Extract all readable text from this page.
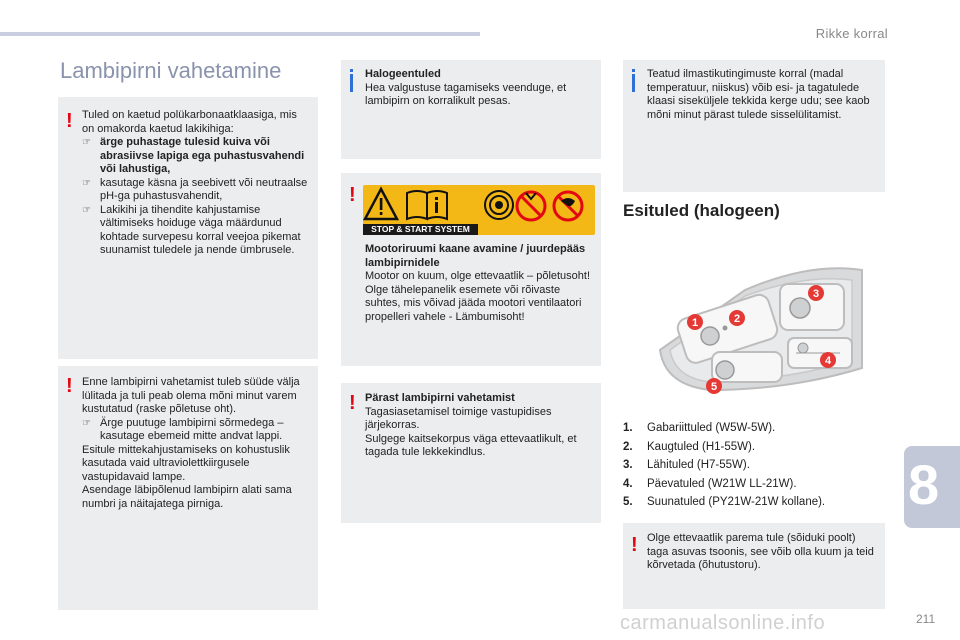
Rikke korral
Lambipirni vahetamine
! Tuled on kaetud polükarbonaatklaasiga, mis on omakorda kaetud lakikihiga:

☞ ärge puhastage tulesid kuiva või abrasiivse lapiga ega puhastusvahendi või lahustiga,

☞ kasutage käsna ja seebivett või neutraalse pH-ga puhastusvahendit,

☞ Lakikihi ja tihendite kahjustamise vältimiseks hoiduge väga määrdunud kohtade survepesu korral veejoa pikemat suunamist tuledele ja nende ümbrusele.

! Enne lambipirni vahetamist tuleb süüde välja lülitada ja tuli peab olema mõni minut varem kustutatud (raske põletuse oht).

☞ Ärge puutuge lambipirni sõrmedega – kasutage ebemeid mitte andvat lappi.

Esitule mittekahjustamiseks on kohustuslik kasutada vaid ultraviolettkiirgusele vastupidavaid lampe.

Asendage läbipõlenud lambipirn alati sama numbri ja näitajatega pirniga.

Halogeentuled

Hea valgustuse tagamiseks veenduge, et lambipirn on korralikult pesas.

!

Mootoriruumi kaane avamine / juurdepääs lambipirnidele

Mootor on kuum, olge ettevaatlik – põletusoht! Olge tähelepanelik esemete või rõivaste suhtes, mis võivad jääda mootori ventilaatori propelleri vahele - Lämbumisoht!

STOP & START SYSTEM
! Pärast lambipirni vahetamist

Tagasiasetamisel toimige vastupidises järjekorras.

Sulgege kaitsekorpus väga ettevaatlikult, et tagada tule lekkekindlus.

Teatud ilmastikutingimuste korral (madal temperatuur, niiskus) võib esi- ja tagatulede klaasi siseküljele tekkida kerge udu; see kaob mõni minut pärast tulede sisselülitamist.

Esituled (halogeen)
1	2
3
4
5
1. Gabariittuled (W5W-5W).
2. Kaugtuled (H1-55W).
3. Lähituled (H7-55W).
4. Päevatuled (W21W LL-21W).
5. Suunatuled (PY21W-21W kollane).
! Olge ettevaatlik parema tule (sõiduki poolt) taga asuvas tsoonis, see võib olla kuum ja teid kõrvetada (õhutustoru).

8
carmanualsonline.info	211
